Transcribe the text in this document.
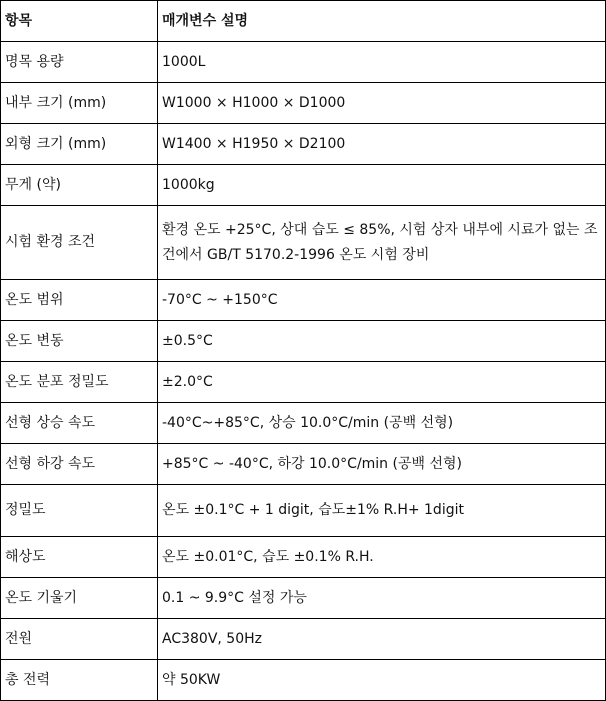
항목	매개변수 설명
명목 용량	1000L
내부 크기 (mm)	W1000 × H1000 × D1000
외형 크기 (mm)	W1400 × H1950 × D2100
무게 (약)	1000kg
시험 환경 조건	환경 온도 +25°C, 상대 습도 ≤ 85%, 시험 상자 내부에 시료가 없는 조건에서 GB/T 5170.2-1996 온도 시험 장비
온도 범위	-70°C ~ +150°C
온도 변동	±0.5°C
온도 분포 정밀도	±2.0°C
선형 상승 속도	-40°C~+85°C, 상승 10.0°C/min (공백 선형)
선형 하강 속도	+85°C ~ -40°C, 하강 10.0°C/min (공백 선형)
정밀도	온도 ±0.1°C + 1 digit, 습도±1% R.H+ 1digit
해상도	온도 ±0.01°C, 습도 ±0.1% R.H.
온도 기울기	0.1 ~ 9.9°C 설정 가능
전원	AC380V, 50Hz
총 전력	약 50KW
